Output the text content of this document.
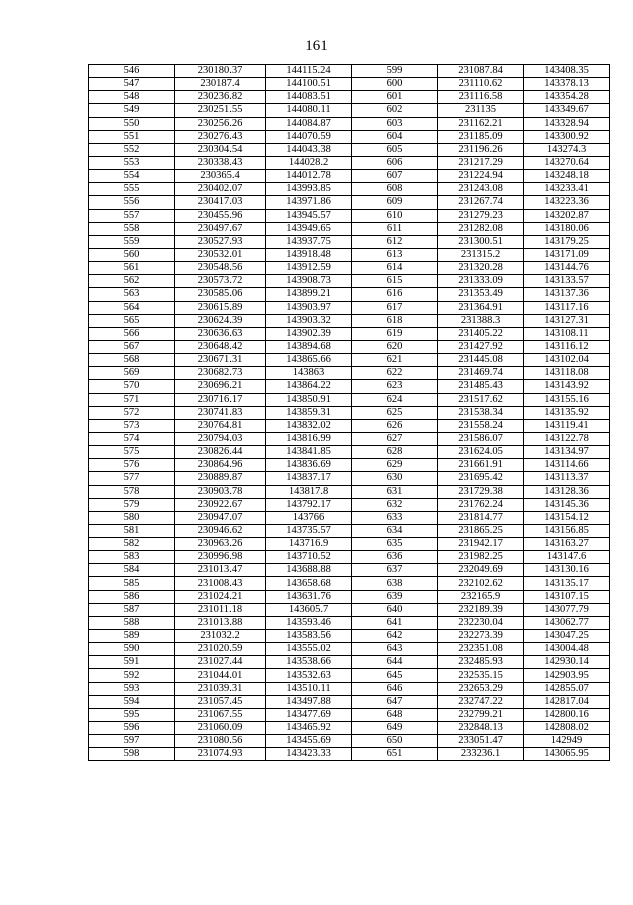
161
546	230180.37	144115.24	599	231087.84	143408.35
547	230187.4	144100.51	600	231110.62	143378.13
548	230236.82	144083.51	601	231116.58	143354.28
549	230251.55	144080.11	602	231135	143349.67
550	230256.26	144084.87	603	231162.21	143328.94
551	230276.43	144070.59	604	231185.09	143300.92
552	230304.54	144043.38	605	231196.26	143274.3
553	230338.43	144028.2	606	231217.29	143270.64
554	230365.4	144012.78	607	231224.94	143248.18
555	230402.07	143993.85	608	231243.08	143233.41
556	230417.03	143971.86	609	231267.74	143223.36
557	230455.96	143945.57	610	231279.23	143202.87
558	230497.67	143949.65	611	231282.08	143180.06
559	230527.93	143937.75	612	231300.51	143179.25
560	230532.01	143918.48	613	231315.2	143171.09
561	230548.56	143912.59	614	231320.28	143144.76
562	230573.72	143908.73	615	231333.09	143133.57
563	230585.06	143899.21	616	231353.49	143137.36
564	230615.89	143903.97	617	231364.91	143117.16
565	230624.39	143903.32	618	231388.3	143127.31
566	230636.63	143902.39	619	231405.22	143108.11
567	230648.42	143894.68	620	231427.92	143116.12
568	230671.31	143865.66	621	231445.08	143102.04
569	230682.73	143863	622	231469.74	143118.08
570	230696.21	143864.22	623	231485.43	143143.92
571	230716.17	143850.91	624	231517.62	143155.16
572	230741.83	143859.31	625	231538.34	143135.92
573	230764.81	143832.02	626	231558.24	143119.41
574	230794.03	143816.99	627	231586.07	143122.78
575	230826.44	143841.85	628	231624.05	143134.97
576	230864.96	143836.69	629	231661.91	143114.66
577	230889.87	143837.17	630	231695.42	143113.37
578	230903.78	143817.8	631	231729.38	143128.36
579	230922.67	143792.17	632	231762.24	143145.36
580	230947.07	143766	633	231814.77	143154.12
581	230946.62	143735.57	634	231865.25	143156.85
582	230963.26	143716.9	635	231942.17	143163.27
583	230996.98	143710.52	636	231982.25	143147.6
584	231013.47	143688.88	637	232049.69	143130.16
585	231008.43	143658.68	638	232102.62	143135.17
586	231024.21	143631.76	639	232165.9	143107.15
587	231011.18	143605.7	640	232189.39	143077.79
588	231013.88	143593.46	641	232230.04	143062.77
589	231032.2	143583.56	642	232273.39	143047.25
590	231020.59	143555.02	643	232351.08	143004.48
591	231027.44	143538.66	644	232485.93	142930.14
592	231044.01	143532.63	645	232535.15	142903.95
593	231039.31	143510.11	646	232653.29	142855.07
594	231057.45	143497.88	647	232747.22	142817.04
595	231067.55	143477.69	648	232799.21	142800.16
596	231060.09	143465.92	649	232848.13	142808.02
597	231080.56	143455.69	650	233051.47	142949
598	231074.93	143423.33	651	233236.1	143065.95
